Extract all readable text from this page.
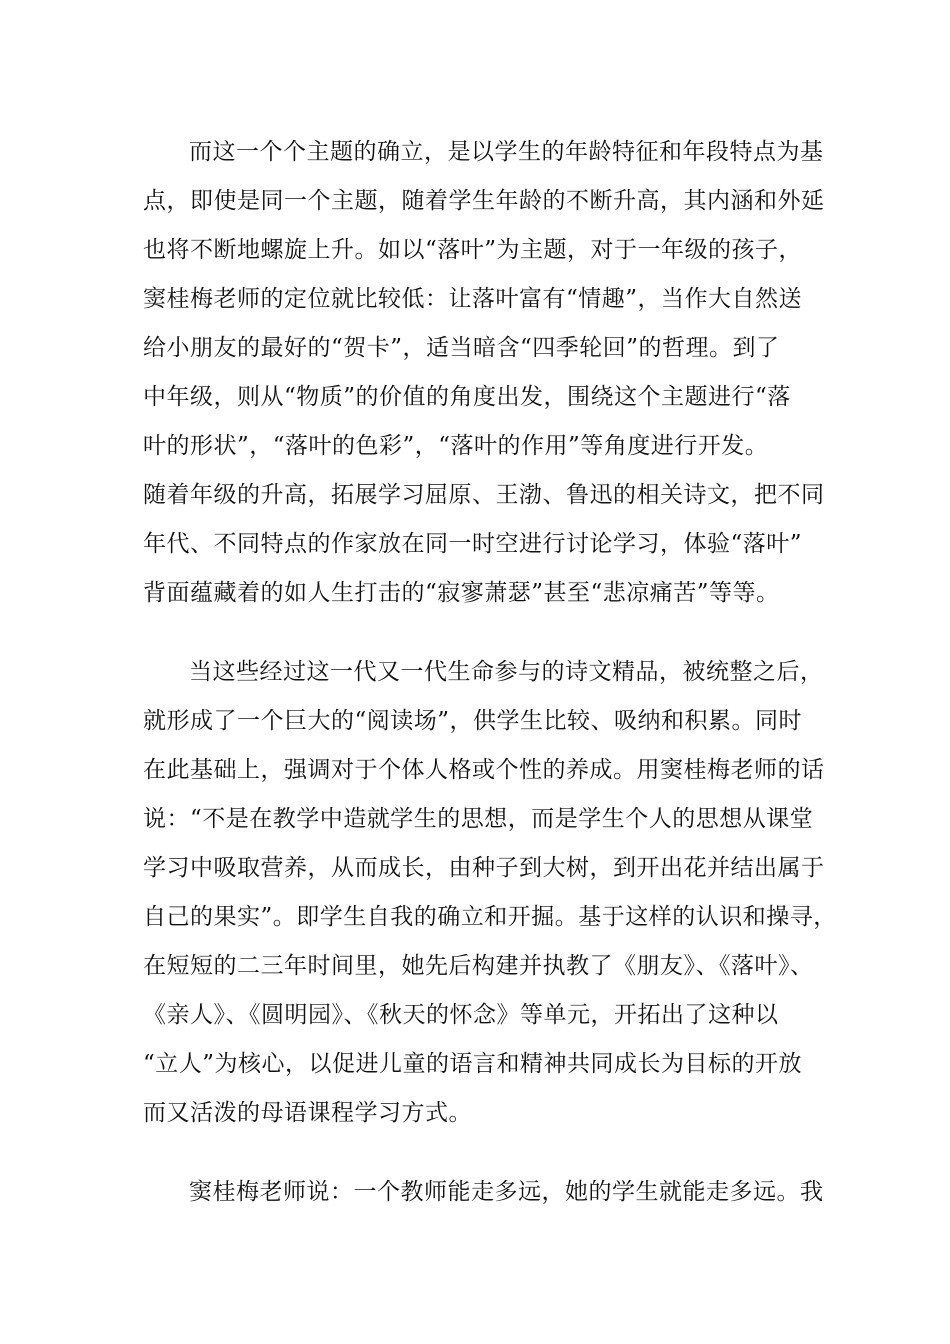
而这一个个主题的确立，是以学生的年龄特征和年段特点为基
点，即使是同一个主题，随着学生年龄的不断升高，其内涵和外延
也将不断地螺旋上升。如以“落叶”为主题，对于一年级的孩子，
窦桂梅老师的定位就比较低：让落叶富有“情趣”，当作大自然送
给小朋友的最好的“贺卡”，适当暗含“四季轮回”的哲理。到了
中年级，则从“物质”的价值的角度出发，围绕这个主题进行“落
叶的形状”，“落叶的色彩”，“落叶的作用”等角度进行开发。
随着年级的升高，拓展学习屈原、王渤、鲁迅的相关诗文，把不同
年代、不同特点的作家放在同一时空进行讨论学习，体验“落叶”
背面蕴藏着的如人生打击的“寂寥萧瑟”甚至“悲凉痛苦”等等。
当这些经过这一代又一代生命参与的诗文精品，被统整之后，
就形成了一个巨大的“阅读场”，供学生比较、吸纳和积累。同时
在此基础上，强调对于个体人格或个性的养成。用窦桂梅老师的话
说：“不是在教学中造就学生的思想，而是学生个人的思想从课堂
学习中吸取营养，从而成长，由种子到大树，到开出花并结出属于
自己的果实”。即学生自我的确立和开掘。基于这样的认识和操寻，
在短短的二三年时间里，她先后构建并执教了《朋友》、《落叶》、
《亲人》、《圆明园》、《秋天的怀念》等单元，开拓出了这种以
“立人”为核心，以促进儿童的语言和精神共同成长为目标的开放
而又活泼的母语课程学习方式。
窦桂梅老师说：一个教师能走多远，她的学生就能走多远。我
